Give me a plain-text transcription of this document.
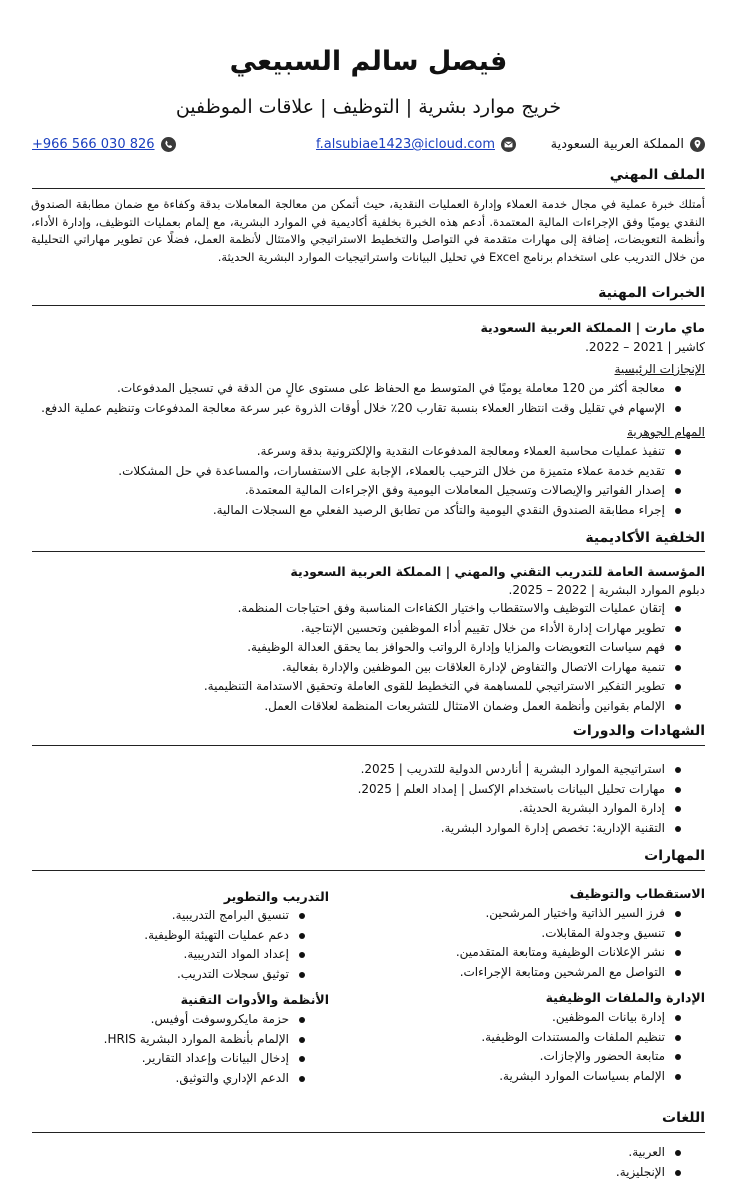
فيصل سالم السبيعي
خريج موارد بشرية | التوظيف | علاقات الموظفين
المملكة العربية السعودية
f.alsubiae1423@icloud.com
+966 566 030 826
الملف المهني
أمتلك خبرة عملية في مجال خدمة العملاء وإدارة العمليات النقدية، حيث أتمكن من معالجة المعاملات بدقة وكفاءة مع ضمان مطابقة الصندوق النقدي يوميًا وفق الإجراءات المالية المعتمدة. أدعم هذه الخبرة بخلفية أكاديمية في الموارد البشرية، مع إلمام بعمليات التوظيف، وإدارة الأداء، وأنظمة التعويضات، إضافة إلى مهارات متقدمة في التواصل والتخطيط الاستراتيجي والامتثال لأنظمة العمل، فضلًا عن تطوير مهاراتي التحليلية من خلال التدريب على استخدام برنامج Excel في تحليل البيانات واستراتيجيات الموارد البشرية الحديثة.
الخبرات المهنية
ماي مارت | المملكة العربية السعودية
كاشير | 2021 – 2022.
الإنجازات الرئيسية
معالجة أكثر من 120 معاملة يوميًا في المتوسط مع الحفاظ على مستوى عالٍ من الدقة في تسجيل المدفوعات.
الإسهام في تقليل وقت انتظار العملاء بنسبة تقارب 20٪ خلال أوقات الذروة عبر سرعة معالجة المدفوعات وتنظيم عملية الدفع.
المهام الجوهرية
تنفيذ عمليات محاسبة العملاء ومعالجة المدفوعات النقدية والإلكترونية بدقة وسرعة.
تقديم خدمة عملاء متميزة من خلال الترحيب بالعملاء، الإجابة على الاستفسارات، والمساعدة في حل المشكلات.
إصدار الفواتير والإيصالات وتسجيل المعاملات اليومية وفق الإجراءات المالية المعتمدة.
إجراء مطابقة الصندوق النقدي اليومية والتأكد من تطابق الرصيد الفعلي مع السجلات المالية.
الخلفية الأكاديمية
المؤسسة العامة للتدريب التقني والمهني | المملكة العربية السعودية
دبلوم الموارد البشرية | 2022 – 2025.
إتقان عمليات التوظيف والاستقطاب واختيار الكفاءات المناسبة وفق احتياجات المنظمة.
تطوير مهارات إدارة الأداء من خلال تقييم أداء الموظفين وتحسين الإنتاجية.
فهم سياسات التعويضات والمزايا وإدارة الرواتب والحوافز بما يحقق العدالة الوظيفية.
تنمية مهارات الاتصال والتفاوض لإدارة العلاقات بين الموظفين والإدارة بفعالية.
تطوير التفكير الاستراتيجي للمساهمة في التخطيط للقوى العاملة وتحقيق الاستدامة التنظيمية.
الإلمام بقوانين وأنظمة العمل وضمان الامتثال للتشريعات المنظمة لعلاقات العمل.
الشهادات والدورات
استراتيجية الموارد البشرية | أناردس الدولية للتدريب | 2025.
مهارات تحليل البيانات باستخدام الإكسل | إمداد العلم | 2025.
إدارة الموارد البشرية الحديثة.
التقنية الإدارية: تخصص إدارة الموارد البشرية.
المهارات
الاستقطاب والتوظيف
فرز السير الذاتية واختيار المرشحين.
تنسيق وجدولة المقابلات.
نشر الإعلانات الوظيفية ومتابعة المتقدمين.
التواصل مع المرشحين ومتابعة الإجراءات.
التدريب والتطوير
تنسيق البرامج التدريبية.
دعم عمليات التهيئة الوظيفية.
إعداد المواد التدريبية.
توثيق سجلات التدريب.
الإدارة والملفات الوظيفية
إدارة بيانات الموظفين.
تنظيم الملفات والمستندات الوظيفية.
متابعة الحضور والإجازات.
الإلمام بسياسات الموارد البشرية.
الأنظمة والأدوات التقنية
حزمة مايكروسوفت أوفيس.
الإلمام بأنظمة الموارد البشرية HRIS.
إدخال البيانات وإعداد التقارير.
الدعم الإداري والتوثيق.
اللغات
العربية.
الإنجليزية.
